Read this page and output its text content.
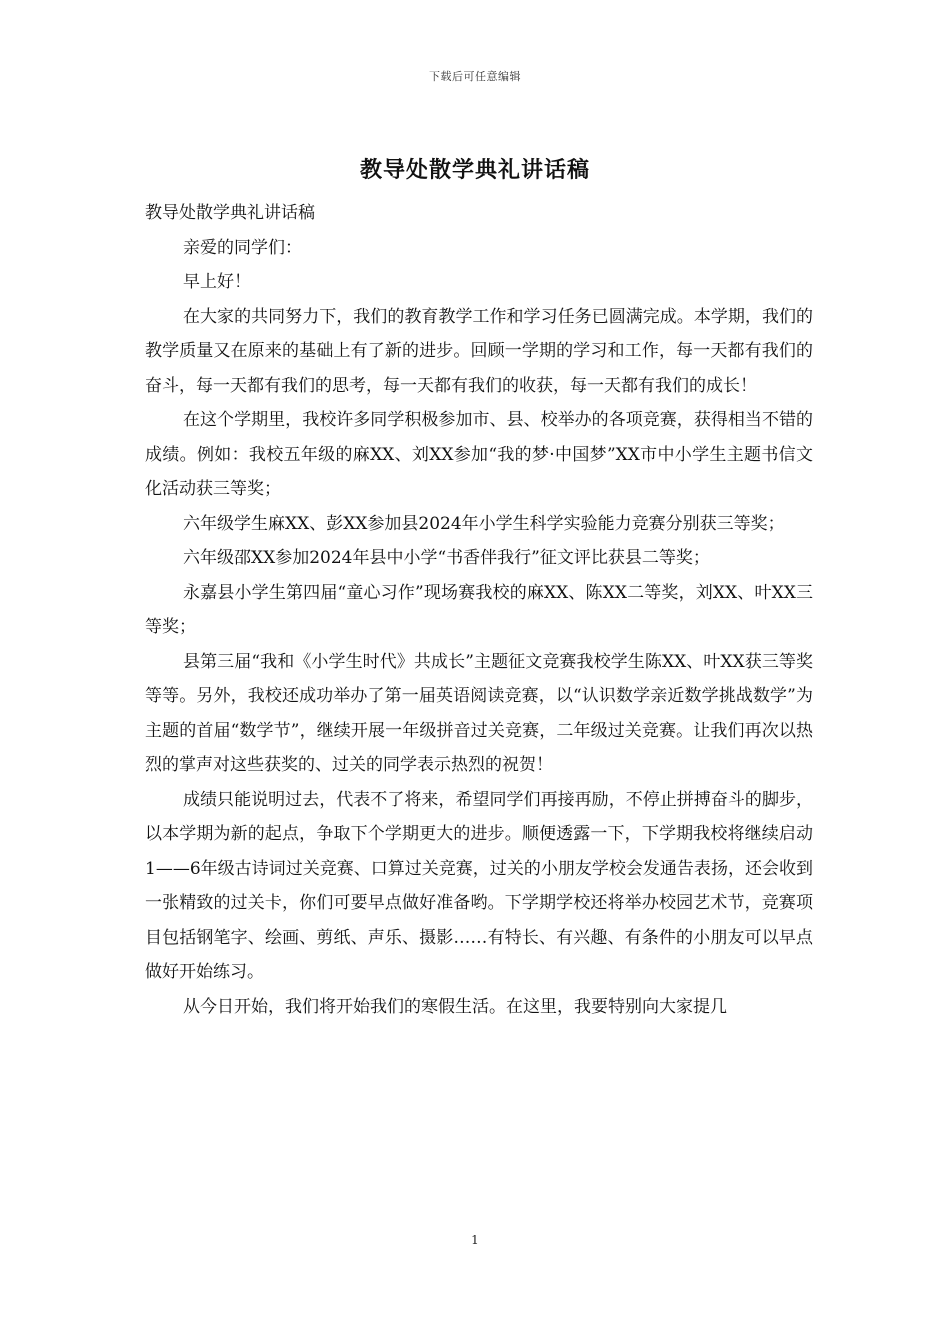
下载后可任意编辑
教导处散学典礼讲话稿

教导处散学典礼讲话稿

亲爱的同学们：

早上好！

在大家的共同努力下，我们的教育教学工作和学习任务已圆满完成。本学期，我们的教学质量又在原来的基础上有了新的进步。回顾一学期的学习和工作，每一天都有我们的奋斗，每一天都有我们的思考，每一天都有我们的收获，每一天都有我们的成长！

在这个学期里，我校许多同学积极参加市、县、校举办的各项竞赛，获得相当不错的成绩。例如：我校五年级的麻XX、刘XX参加“我的梦·中国梦”XX市中小学生主题书信文化活动获三等奖；

六年级学生麻XX、彭XX参加县2024年小学生科学实验能力竞赛分别获三等奖；

六年级邵XX参加2024年县中小学“书香伴我行”征文评比获县二等奖；

永嘉县小学生第四届“童心习作”现场赛我校的麻XX、陈XX二等奖，刘XX、叶XX三等奖；

县第三届“我和《小学生时代》共成长”主题征文竞赛我校学生陈XX、叶XX获三等奖等等。另外，我校还成功举办了第一届英语阅读竞赛，以“认识数学亲近数学挑战数学”为主题的首届“数学节”，继续开展一年级拼音过关竞赛，二年级过关竞赛。让我们再次以热烈的掌声对这些获奖的、过关的同学表示热烈的祝贺！

成绩只能说明过去，代表不了将来，希望同学们再接再励，不停止拼搏奋斗的脚步，以本学期为新的起点，争取下个学期更大的进步。顺便透露一下，下学期我校将继续启动1——6年级古诗词过关竞赛、口算过关竞赛，过关的小朋友学校会发通告表扬，还会收到一张精致的过关卡，你们可要早点做好准备哟。下学期学校还将举办校园艺术节，竞赛项目包括钢笔字、绘画、剪纸、声乐、摄影……有特长、有兴趣、有条件的小朋友可以早点做好开始练习。

从今日开始，我们将开始我们的寒假生活。在这里，我要特别向大家提几

1
